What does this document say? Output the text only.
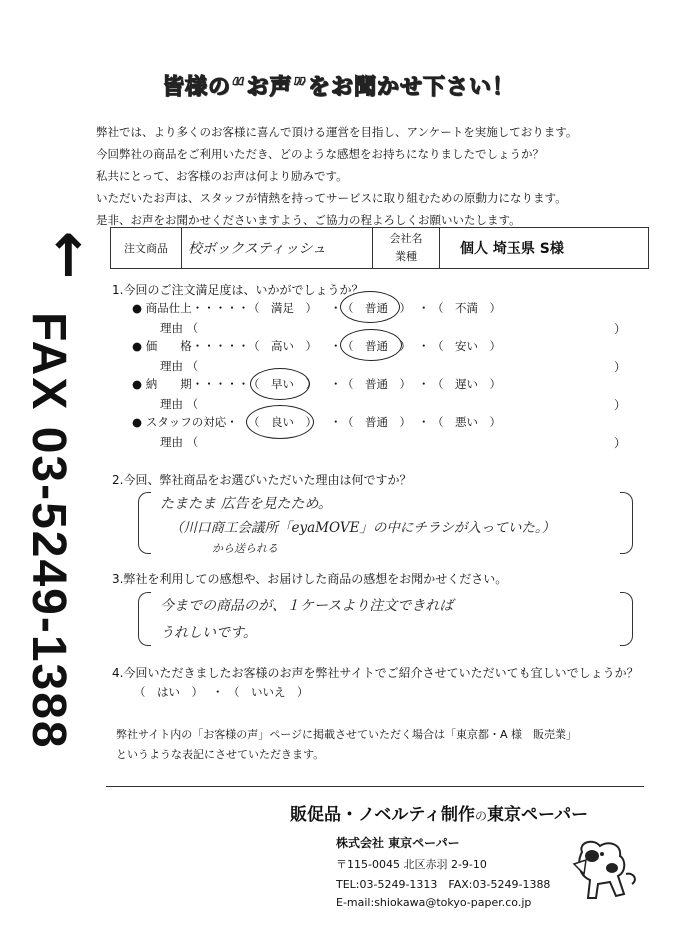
皆様の“お声”をお聞かせ下さい！
弊社では、より多くのお客様に喜んで頂ける運営を目指し、アンケートを実施しております。
今回弊社の商品をご利用いただき、どのような感想をお持ちになりましたでしょうか？
私共にとって、お客様のお声は何より励みです。
いただいたお声は、スタッフが情熱を持ってサービスに取り組むための原動力になります。
是非、お声をお聞かせくださいますよう、ご協力の程よろしくお願いいたします。
↑
FAX 03-5249-1388
注文商品	校ボックスティッシュ	
会社名
業種	個人 埼玉県 S様
1.今回のご注文満足度は、いかがでしょうか？
● 商品仕上・・・・・
（　満足　） ・ （　普通　） ・ （　不満　）
理由 （	）
● 価　　格・・・・・
（　高い　） ・ （　普通　） ・ （　安い　）
理由 （	）
● 納　　期・・・・・
（　早い　） ・ （　普通　） ・ （　遅い　）
理由 （	）
● スタッフの対応・ （　良い　） ・ （　普通　） ・ （　悪い　）
理由 （	）
2.今回、弊社商品をお選びいただいた理由は何ですか？
たまたま 広告を見たため。
（川口商工会議所「eyaMOVE」の中にチラシが入っていた。）
から送られる
3.弊社を利用しての感想や、お届けした商品の感想をお聞かせください。
今までの商品のが、１ケースより注文できれば
うれしいです。
4.今回いただきましたお客様のお声を弊社サイトでご紹介させていただいても宜しいでしょうか？
（　はい　） ・ （　いいえ　）
弊社サイト内の「お客様の声」ページに掲載させていただく場合は「東京都・A 様　販売業」
というような表記にさせていただきます。
販促品・ノベルティ制作の東京ペーパー
株式会社 東京ペーパー
〒115-0045 北区赤羽 2-9-10
TEL:03-5249-1313　FAX:03-5249-1388
E-mail:shiokawa@tokyo-paper.co.jp
